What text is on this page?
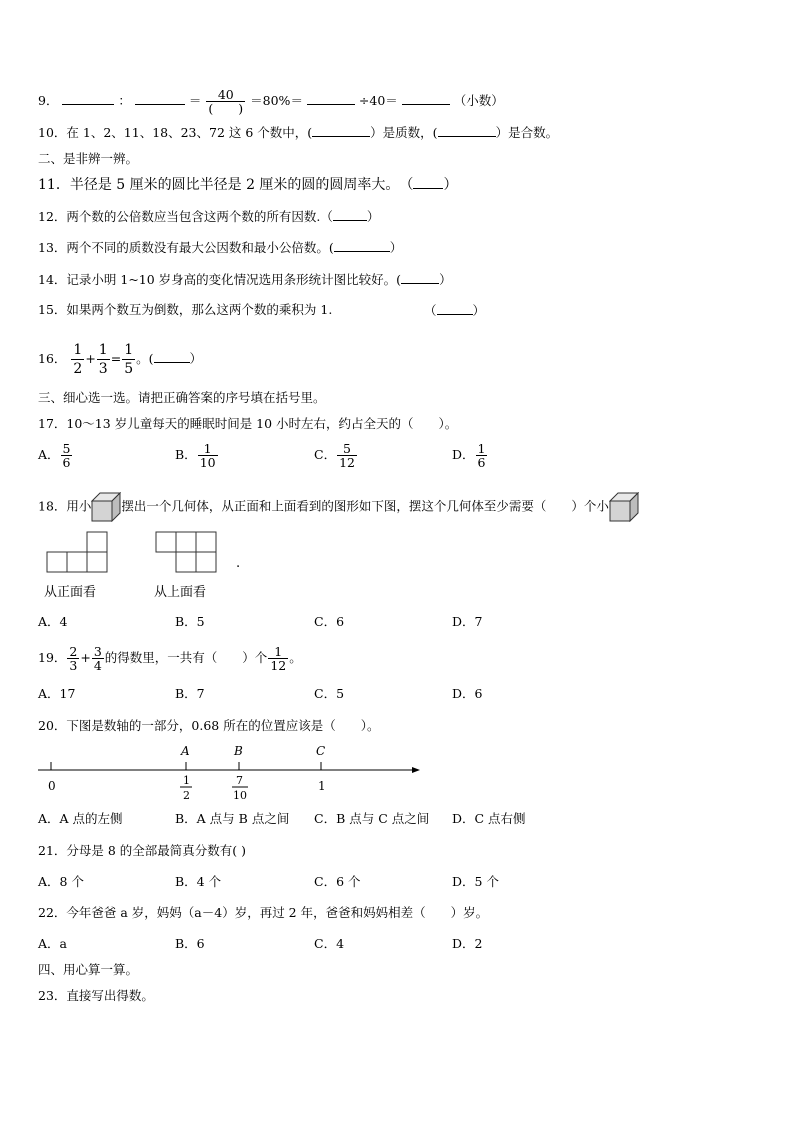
9．	：	＝ $\frac{40}{( )} =80\%=$	÷40＝	（小数）
10．在 1、2、11、18、23、72 这 6 个数中，(	）是质数，(	）是合数。
二、是非辨一辨。
11．半径是 5 厘米的圆比半径是 2 厘米的圆的圆周率大。　（ ）
12．两个数的公倍数应当包含这两个数的所有因数.（	）
13．两个不同的质数没有最大公因数和最小公倍数。(	）
14．记录小明 1~10 岁身高的变化情况选用条形统计图比较好。(	）
15．如果两个数互为倒数，那么这两个数的乘积为 1.	（	）
16． $\frac{1}{2} + \frac{1}{3} = \frac{1}{5}$ 。(	）
三、细心选一选。请把正确答案的序号填在括号里。
17．10～13 岁儿童每天的睡眠时间是 10 小时左右，约占全天的（　　）。
A． $\frac{5}{6}$	B． $\frac{1}{10}$	C． $\frac{5}{12}$	D． $\frac{1}{6}$
18．用小 摆出一个几何体，从正面和上面看到的图形如下图，摆这个几何体至少需要（　　）个小
从正面看	从上面看
.
A．4	B．5	C．6	D．7
19． $\frac{2}{3} + \frac{3}{4}$ 的得数里，一共有（　　）个 $\frac{1}{12}$ 。
A．17	B．7	C．5	D．6
20．下图是数轴的一部分，0.68 所在的位置应该是（　　）。
0
A	B	C
1
2
7
10
1
A．A 点的左侧	B．A 点与 B 点之间 C．B 点与 C 点之间 D．C 点右侧
21．分母是 8 的全部最简真分数有( )
A．8 个	B．4 个	C．6 个	D．5 个
22．今年爸爸 a 岁，妈妈（a－4）岁，再过 2 年，爸爸和妈妈相差（　　）岁。
A．a	B．6	C．4	D．2
四、用心算一算。
23．直接写出得数。
